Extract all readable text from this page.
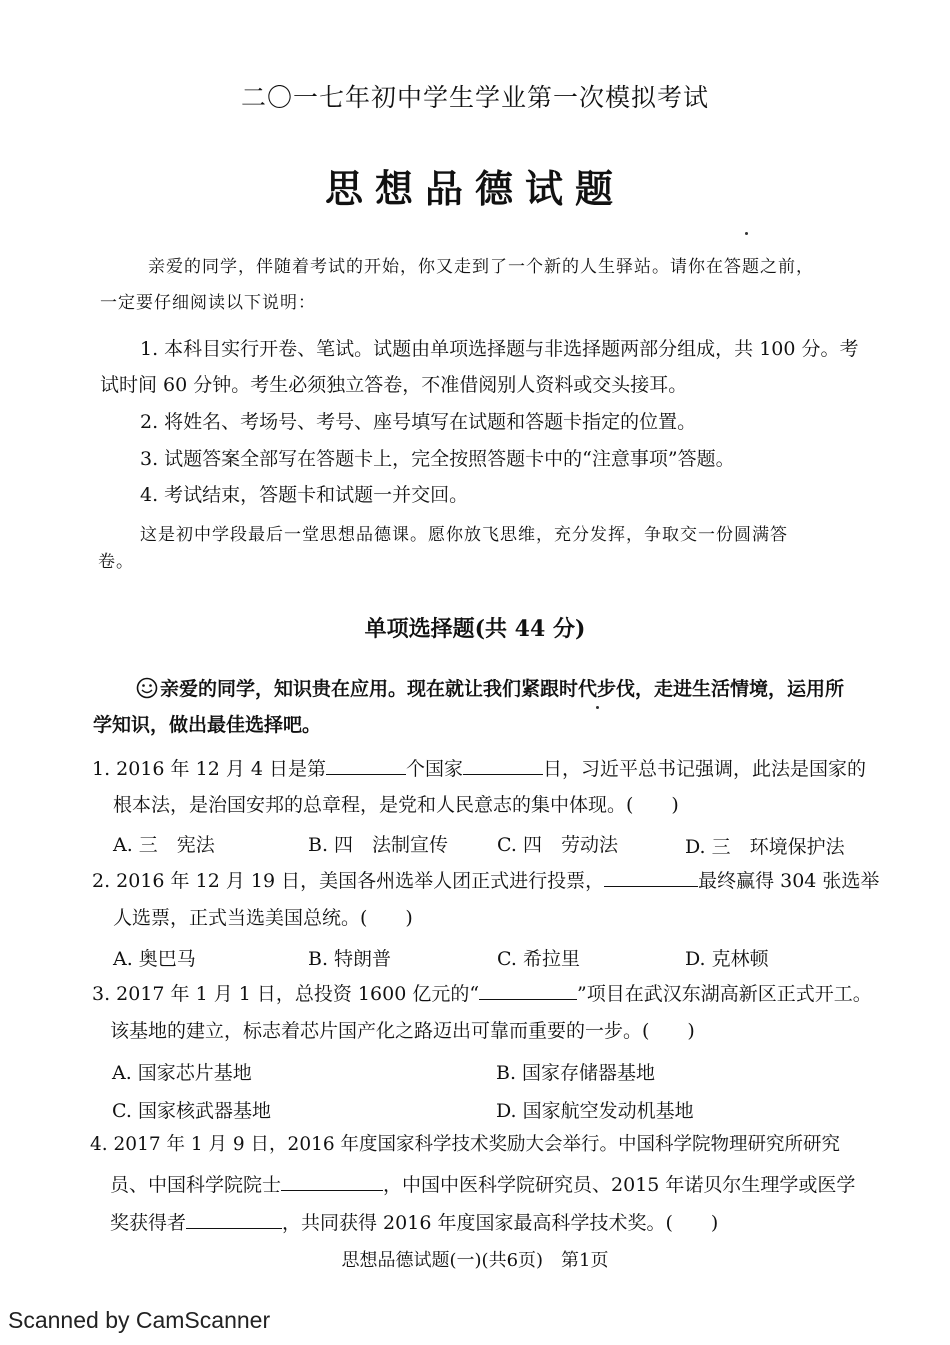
二〇一七年初中学生学业第一次模拟考试
思想品德试题
亲爱的同学，伴随着考试的开始，你又走到了一个新的人生驿站。请你在答题之前，
一定要仔细阅读以下说明：
1. 本科目实行开卷、笔试。试题由单项选择题与非选择题两部分组成，共 100 分。考
试时间 60 分钟。考生必须独立答卷，不准借阅别人资料或交头接耳。
2. 将姓名、考场号、考号、座号填写在试题和答题卡指定的位置。
3. 试题答案全部写在答题卡上，完全按照答题卡中的“注意事项”答题。
4. 考试结束，答题卡和试题一并交回。
这是初中学段最后一堂思想品德课。愿你放飞思维，充分发挥，争取交一份圆满答
卷。
单项选择题(共 44 分)
亲爱的同学，知识贵在应用。现在就让我们紧跟时代步伐，走进生活情境，运用所
学知识，做出最佳选择吧。
1. 2016 年 12 月 4 日是第	个国家	日，习近平总书记强调，此法是国家的
根本法，是治国安邦的总章程，是党和人民意志的集中体现。(　　)
A. 三　宪法	B. 四　法制宣传	C. 四　劳动法	D. 三　环境保护法
2. 2016 年 12 月 19 日，美国各州选举人团正式进行投票，	最终赢得 304 张选举
人选票，正式当选美国总统。(　　)
A. 奥巴马	B. 特朗普	C. 希拉里	D. 克林顿
3. 2017 年 1 月 1 日，总投资 1600 亿元的“	”项目在武汉东湖高新区正式开工。
该基地的建立，标志着芯片国产化之路迈出可靠而重要的一步。(　　)
A. 国家芯片基地	B. 国家存储器基地
C. 国家核武器基地	D. 国家航空发动机基地
4. 2017 年 1 月 9 日，2016 年度国家科学技术奖励大会举行。中国科学院物理研究所研究
员、中国科学院院士	，中国中医科学院研究员、2015 年诺贝尔生理学或医学
奖获得者	，共同获得 2016 年度国家最高科学技术奖。(　　)
思想品德试题(一)(共6页)　第1页
Scanned by CamScanner
